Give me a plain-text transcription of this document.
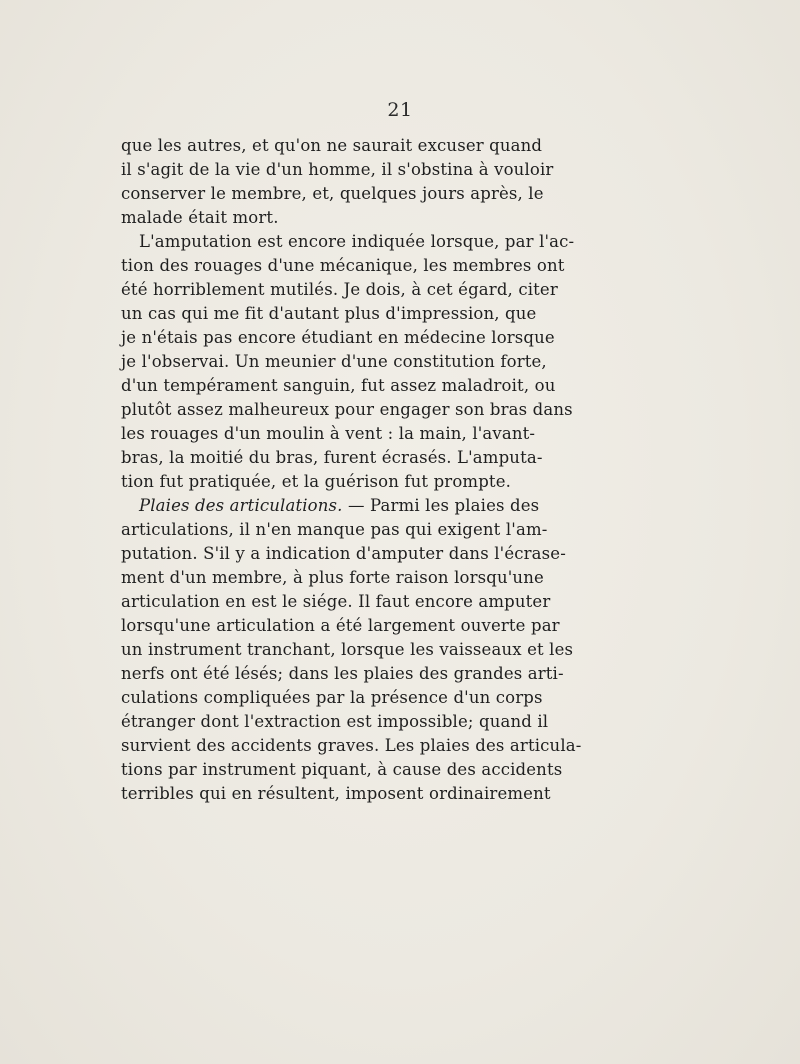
21
que les autres, et qu'on ne saurait excuser quand
il s'agit de la vie d'un homme, il s'obstina à vouloir
conserver le membre, et, quelques jours après, le
malade était mort.
L'amputation est encore indiquée lorsque, par l'ac-
tion des rouages d'une mécanique, les membres ont
été horriblement mutilés. Je dois, à cet égard, citer
un cas qui me fit d'autant plus d'impression, que
je n'étais pas encore étudiant en médecine lorsque
je l'observai. Un meunier d'une constitution forte,
d'un tempérament sanguin, fut assez maladroit, ou
plutôt assez malheureux pour engager son bras dans
les rouages d'un moulin à vent : la main, l'avant-
bras, la moitié du bras, furent écrasés. L'amputa-
tion fut pratiquée, et la guérison fut prompte.
Plaies des articulations. — Parmi les plaies des
articulations, il n'en manque pas qui exigent l'am-
putation. S'il y a indication d'amputer dans l'écrase-
ment d'un membre, à plus forte raison lorsqu'une
articulation en est le siége. Il faut encore amputer
lorsqu'une articulation a été largement ouverte par
un instrument tranchant, lorsque les vaisseaux et les
nerfs ont été lésés; dans les plaies des grandes arti-
culations compliquées par la présence d'un corps
étranger dont l'extraction est impossible; quand il
survient des accidents graves. Les plaies des articula-
tions par instrument piquant, à cause des accidents
terribles qui en résultent, imposent ordinairement
